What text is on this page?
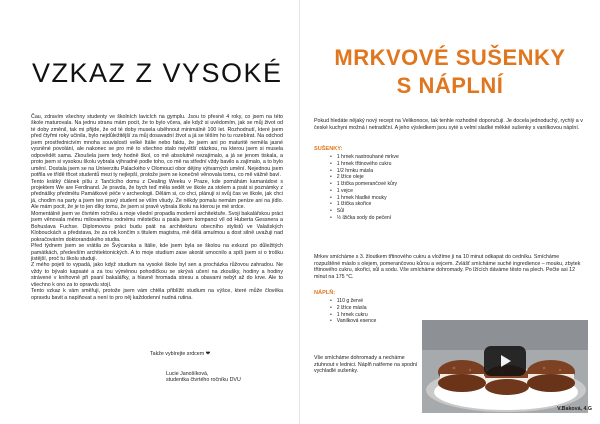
VZKAZ Z VYSOKÉ

Čau, zdravím všechny studenty ve školních lavicích na gymplu. Jsou to přesně 4 roky, co jsem na této škole maturovala. Na jednu stranu mám pocit, že to bylo včera, ale když si uvědomím, jak se můj život od té doby změnil, tak mi přijde, že od té doby musela uběhnout minimálně 100 let. Rozhodnutí, které jsem před čtyřmi roky učinila, bylo nejdůležitější za můj dosavadní život a já se těším ho tu rozebírat. Na odchod jsem prostřednictvím mnoha souvislostí velké Itálie nebo faktu, že jsem ani po maturitě neměla jasné vysněné povolání, ale nakonec se pro mě to všechno stalo největší otázkou, na kterou jsem si musela odpovědět sama. Zkoušela jsem tedy hodně škol, co mě absolutně nezajímalo, a já se jenom tiskala, a proto jsem si vysokou školu vybrala výhradně podle toho, co mě na střední vždy bavilo a zajímalo, a to bylo umění. Dostala jsem se na Univerzitu Palackého v Olomouci obor dějiny výtvarných umění. Nejednou jsem potřila ve třídě třicet studentů mezi ty nejlepší, protože jsem se konečně věnovala tomu, co mě vážně baví.

Tento krátký článek píšu z Tančícího domu z Dealing Weeku v Praze, kde pomáhám kamarádovi s projektem We are Ferdinand. Je pravda, že bych teď měla sedět ve škole za stolem a psát si poznámky z přednášky předmětu Památkové péče v archeologii. Dělám si, co chci, plánuji si svůj čas ve škole, jak chci já, chodím na party a jsem ten pravý student se vším všudy. Že někdy pomalu nemám peníze ani na jídlo. Ale mám pocit, že je to jen díky tomu, že jsem si pravě vybrala školu na kterou je mé srdce.

Momentálně jsem ve čtvrtém ročníku a moje všední propadla moderní architektuře. Svoji bakalářskou práci jsem věnovala mému milovanému rodnému městečku a psala jsem kompanci víl od Huberta Gessnera a Bohuslava Fuchse. Diplomovou práci budu psát na architekturu obecního stylistů ve Valašských Klobouckách a představa, že za rok končím s titulem magistra, mě dělá amulmou a dost silně uvažuji nad pokračováním doktorandského studia.

Před týdnem jsem se vrátila ze Švýcarska a Itálie, kde jsem byla se školou na exkurzi po důležitých památkách, především architektonických. A to moje studium zase akorát umocnilo a spíš jsem si o trošku jistější, proč tu školu studuji.

Z mého pojetí to vypadá, jako když studium na vysoké škole byl sen a procházka růžovou zahradou. Ne vždy to bývalo kapsaté a za tou výměnou pohodičkou se skrývá učení na zkoušky, hodiny a hodiny strávené v knihovně při psaní bakalářky, a hlavně hromada stresu a obavami nebýt až do krve. Ale to všechno k ono za to opravdu stojí.

Tento vzkaz k vám směřuji, protože jsem vám chtěla přiblížit studium na výšce, které může člověka opravdu bavit a naplňovat a není to pro něj každodenní nudná rutina.

Takže vybírejte srdcem ❤
Lucie Janošíková,
studentka čtvrtého ročníku DVU
MRKVOVÉ SUŠENKY
S NÁPLNÍ
Pokud hledáte nějaký nový recept na Velikonoce, tak tenhle rozhodně doporučuji. Je docela jednoduchý, rychlý a v české kuchyni možná i netradiční. A jeho výsledkem jsou syté a velmi sladké měkké sušenky s vanilkovou náplní.
SUŠENKY:
• 1 hrnek nastrouhané mrkve
• 1 hrnek třtinového cukru
• 1/2 hrnku másla
• 2 lžíce oleje
• 1 lžička pomerančové kůry
• 1 vejce
• 1 hrnek hladké mouky
• 1 lžička skořice
• Sůl
• ½ lžička sody do pečení
Mrkev smícháme s 3. žloutkem třtinového cukru a vložíme ji na 10 minut odkapat do cedníku. Smícháme rozpuštěné máslo s olejem, pomerančovou kůrou a vejcem. Zvlášť smícháme suché ingredience – mouku, zbytek třtinového cukru, skořici, sůl a sodu. Vše smícháme dohromady. Po lžících dáváme těsto na plech. Pečte asi 12 minut na 175 °C.
NÁPLŇ:
• 110 g žervé
• 2 lžíce másla
• 1 hrnek cukru
• Vanilková esence
Vše smícháme dohromady a necháme ztuhnout v lednici. Náplň natřeme na spodní vychladlé sušenky.
V.Baková, 4.G
